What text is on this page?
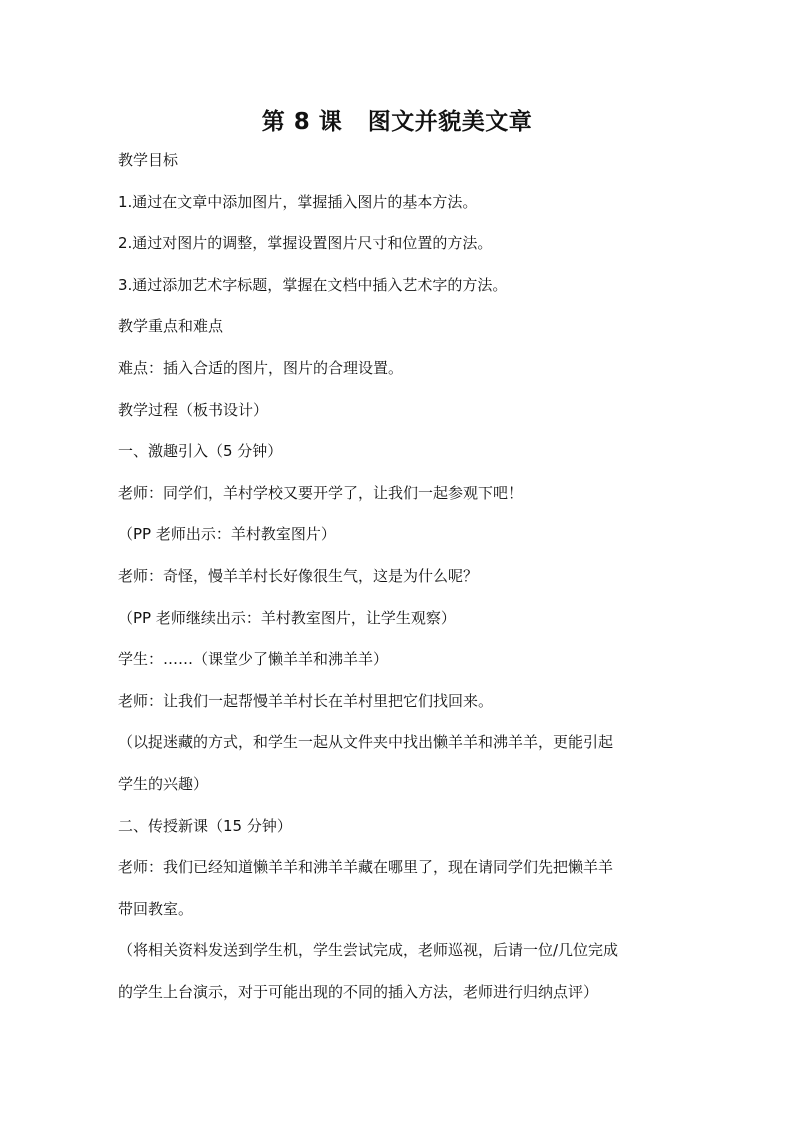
第 8 课   图文并貌美文章
教学目标
1.通过在文章中添加图片，掌握插入图片的基本方法。
2.通过对图片的调整，掌握设置图片尺寸和位置的方法。
3.通过添加艺术字标题，掌握在文档中插入艺术字的方法。
教学重点和难点
难点：插入合适的图片，图片的合理设置。
教学过程（板书设计）
一、激趣引入（5 分钟）
老师：同学们，羊村学校又要开学了，让我们一起参观下吧！
（PP 老师出示：羊村教室图片）
老师：奇怪，慢羊羊村长好像很生气，这是为什么呢？
（PP 老师继续出示：羊村教室图片，让学生观察）
学生：……（课堂少了懒羊羊和沸羊羊）
老师：让我们一起帮慢羊羊村长在羊村里把它们找回来。
（以捉迷藏的方式，和学生一起从文件夹中找出懒羊羊和沸羊羊，更能引起
学生的兴趣）
二、传授新课（15 分钟）
老师：我们已经知道懒羊羊和沸羊羊藏在哪里了，现在请同学们先把懒羊羊
带回教室。
（将相关资料发送到学生机，学生尝试完成，老师巡视，后请一位/几位完成
的学生上台演示，对于可能出现的不同的插入方法，老师进行归纳点评）
